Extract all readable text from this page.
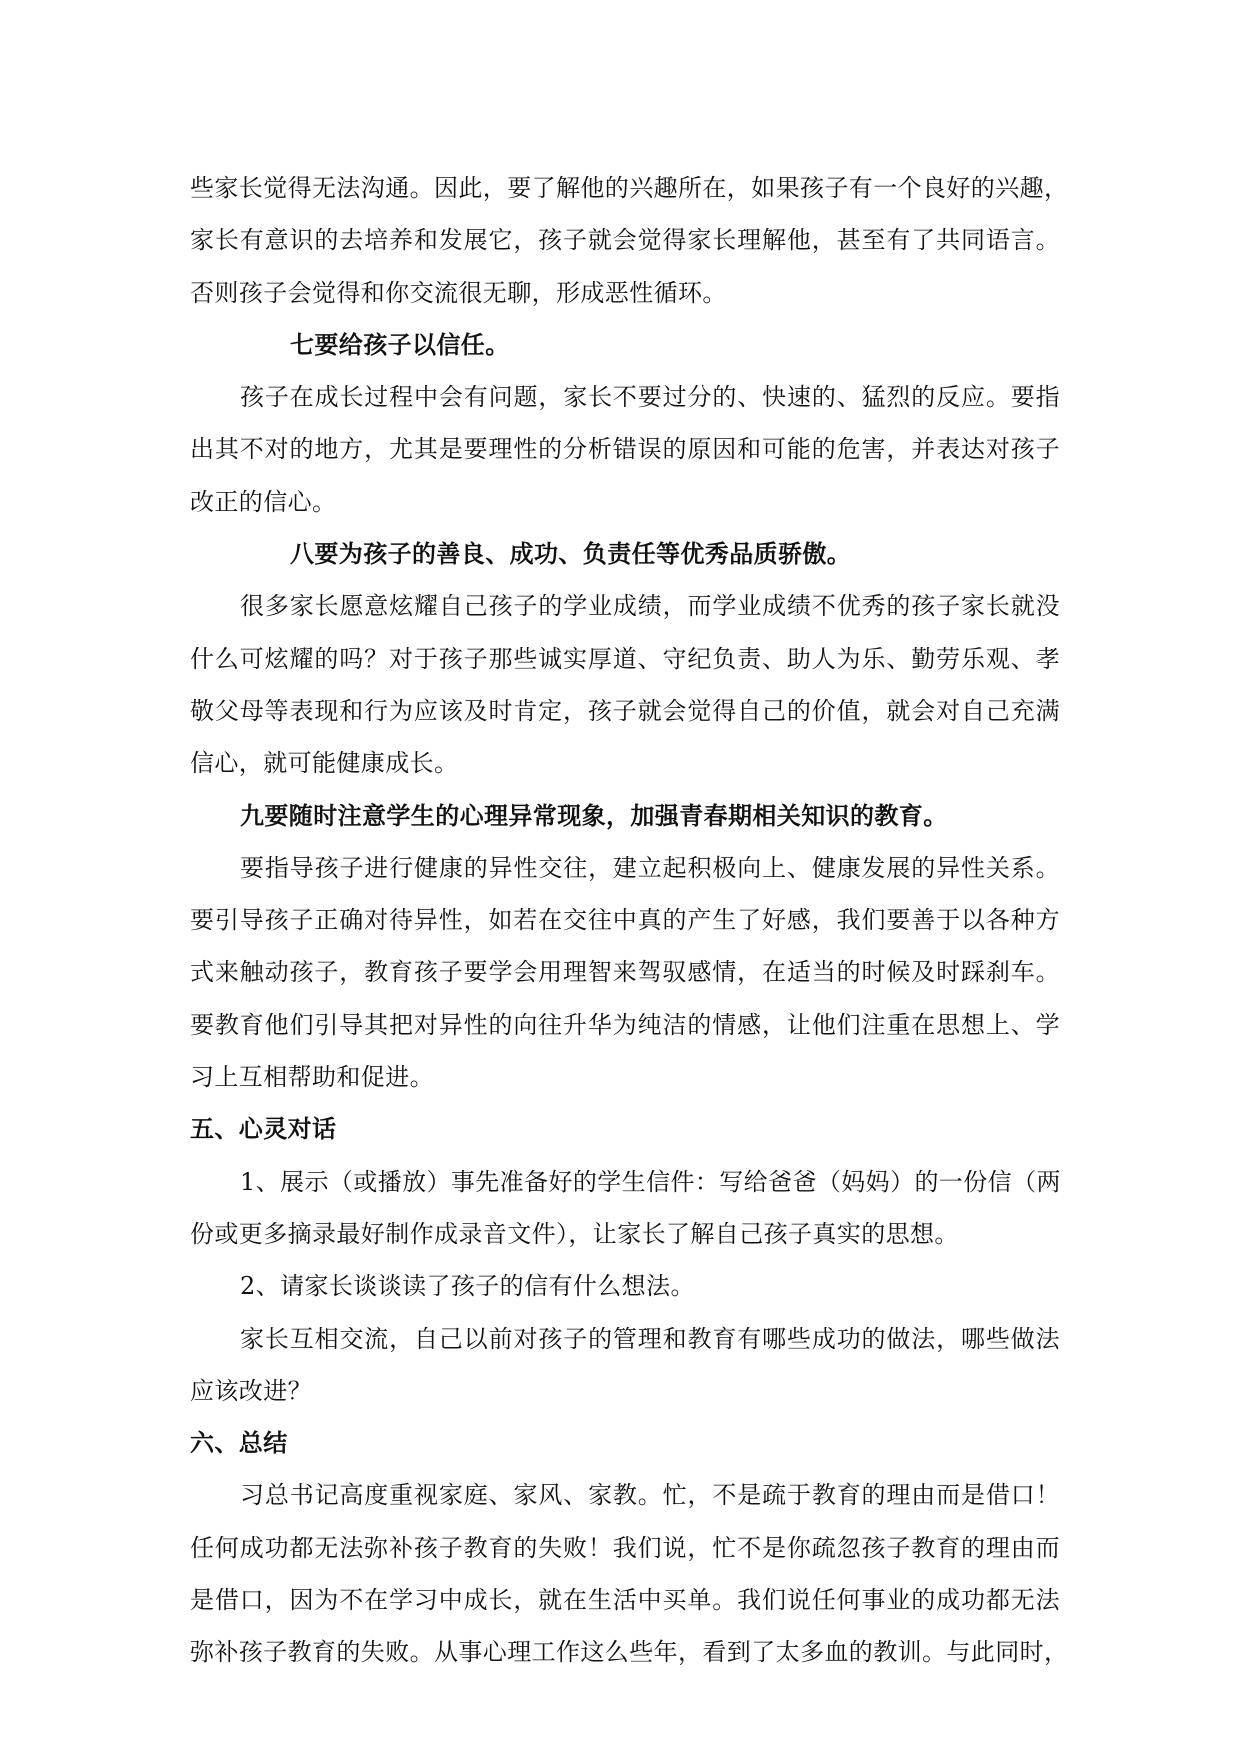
些家长觉得无法沟通。因此，要了解他的兴趣所在，如果孩子有一个良好的兴趣，
家长有意识的去培养和发展它，孩子就会觉得家长理解他，甚至有了共同语言。
否则孩子会觉得和你交流很无聊，形成恶性循环。
七要给孩子以信任。
孩子在成长过程中会有问题，家长不要过分的、快速的、猛烈的反应。要指
出其不对的地方，尤其是要理性的分析错误的原因和可能的危害，并表达对孩子
改正的信心。
八要为孩子的善良、成功、负责任等优秀品质骄傲。
很多家长愿意炫耀自己孩子的学业成绩，而学业成绩不优秀的孩子家长就没
什么可炫耀的吗？对于孩子那些诚实厚道、守纪负责、助人为乐、勤劳乐观、孝
敬父母等表现和行为应该及时肯定，孩子就会觉得自己的价值，就会对自己充满
信心，就可能健康成长。
九要随时注意学生的心理异常现象，加强青春期相关知识的教育。
要指导孩子进行健康的异性交往，建立起积极向上、健康发展的异性关系。
要引导孩子正确对待异性，如若在交往中真的产生了好感，我们要善于以各种方
式来触动孩子，教育孩子要学会用理智来驾驭感情，在适当的时候及时踩刹车。
要教育他们引导其把对异性的向往升华为纯洁的情感，让他们注重在思想上、学
习上互相帮助和促进。
五、心灵对话
1、展示（或播放）事先准备好的学生信件：写给爸爸（妈妈）的一份信（两
份或更多摘录最好制作成录音文件），让家长了解自己孩子真实的思想。
2、请家长谈谈读了孩子的信有什么想法。
家长互相交流，自己以前对孩子的管理和教育有哪些成功的做法，哪些做法
应该改进？
六、总结
习总书记高度重视家庭、家风、家教。忙，不是疏于教育的理由而是借口！
任何成功都无法弥补孩子教育的失败！我们说，忙不是你疏忽孩子教育的理由而
是借口，因为不在学习中成长，就在生活中买单。我们说任何事业的成功都无法
弥补孩子教育的失败。从事心理工作这么些年，看到了太多血的教训。与此同时，
